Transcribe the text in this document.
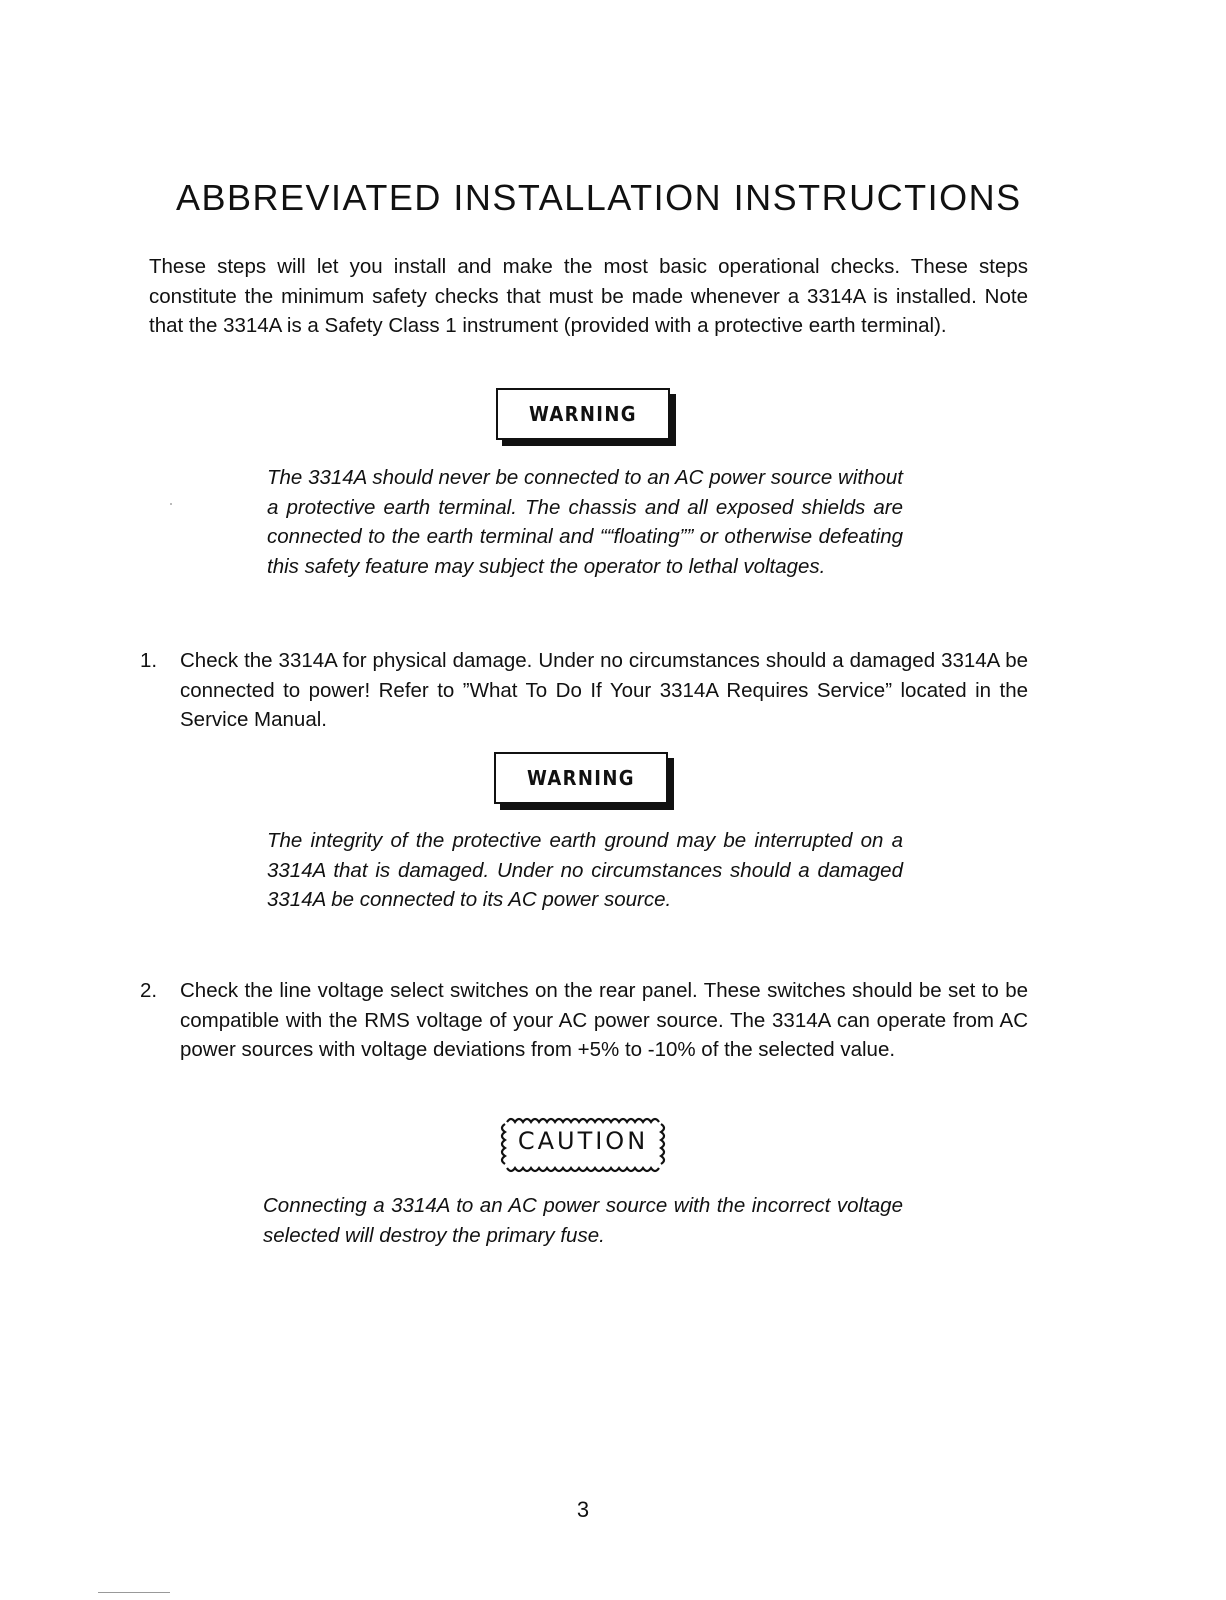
ABBREVIATED INSTALLATION INSTRUCTIONS

These steps will let you install and make the most basic operational checks. These steps constitute the minimum safety checks that must be made whenever a 3314A is installed. Note that the 3314A is a Safety Class 1 instrument (provided with a protective earth terminal).

WARNING

The 3314A should never be connected to an AC power source without a protective earth terminal. The chassis and all exposed shields are connected to the earth terminal and ““floating”” or otherwise defeating this safety feature may subject the operator to lethal voltages.

1. Check the 3314A for physical damage. Under no circumstances should a damaged 3314A be connected to power! Refer to ”What To Do If Your 3314A Requires Service” located in the Service Manual.

WARNING

The integrity of the protective earth ground may be interrupted on a 3314A that is damaged. Under no circumstances should a damaged 3314A be connected to its AC power source.

2. Check the line voltage select switches on the rear panel. These switches should be set to be compatible with the RMS voltage of your AC power source. The 3314A can operate from AC power sources with voltage deviations from +5% to -10% of the selected value.

CAUTION

Connecting a 3314A to an AC power source with the incorrect voltage selected will destroy the primary fuse.

3
